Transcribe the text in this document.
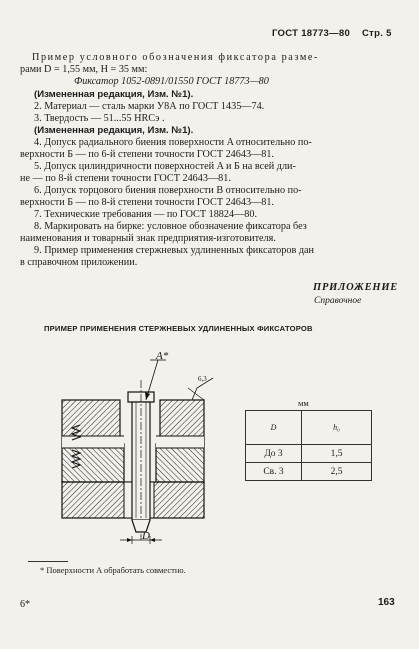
ГОСТ 18773—80 Стр. 5
Пример условного обозначения фиксатора разме-
рами D = 1,55 мм, H = 35 мм:
Фиксатор 1052-0891/01550 ГОСТ 18773—80
(Измененная редакция, Изм. №1).
2. Материал — сталь марки У8А по ГОСТ 1435—74.
3. Твердость — 51...55 HRCэ .
(Измененная редакция, Изм. №1).
4. Допуск радиального биения поверхности A относительно по-
верхности Б — по 6-й степени точности ГОСТ 24643—81.
5. Допуск цилиндричности поверхностей A и Б на всей дли-
не — по 8-й степени точности ГОСТ 24643—81.
6. Допуск торцового биения поверхности B относительно по-
верхности Б — по 8-й степени точности ГОСТ 24643—81.
7. Технические требования — по ГОСТ 18824—80.
8. Маркировать на бирке: условное обозначение фиксатора без
наименования и товарный знак предприятия-изготовителя.
9. Пример применения стержневых удлиненных фиксаторов дан
в справочном приложении.
ПРИЛОЖЕНИЕ
Справочное
ПРИМЕР ПРИМЕНЕНИЯ СТЕРЖНЕВЫХ УДЛИНЕННЫХ ФИКСАТОРОВ
A*
D
6,3
мм
D	h₀
До 3	1,5
Св. 3	2,5
* Поверхности A обработать совместно.
6*	163
